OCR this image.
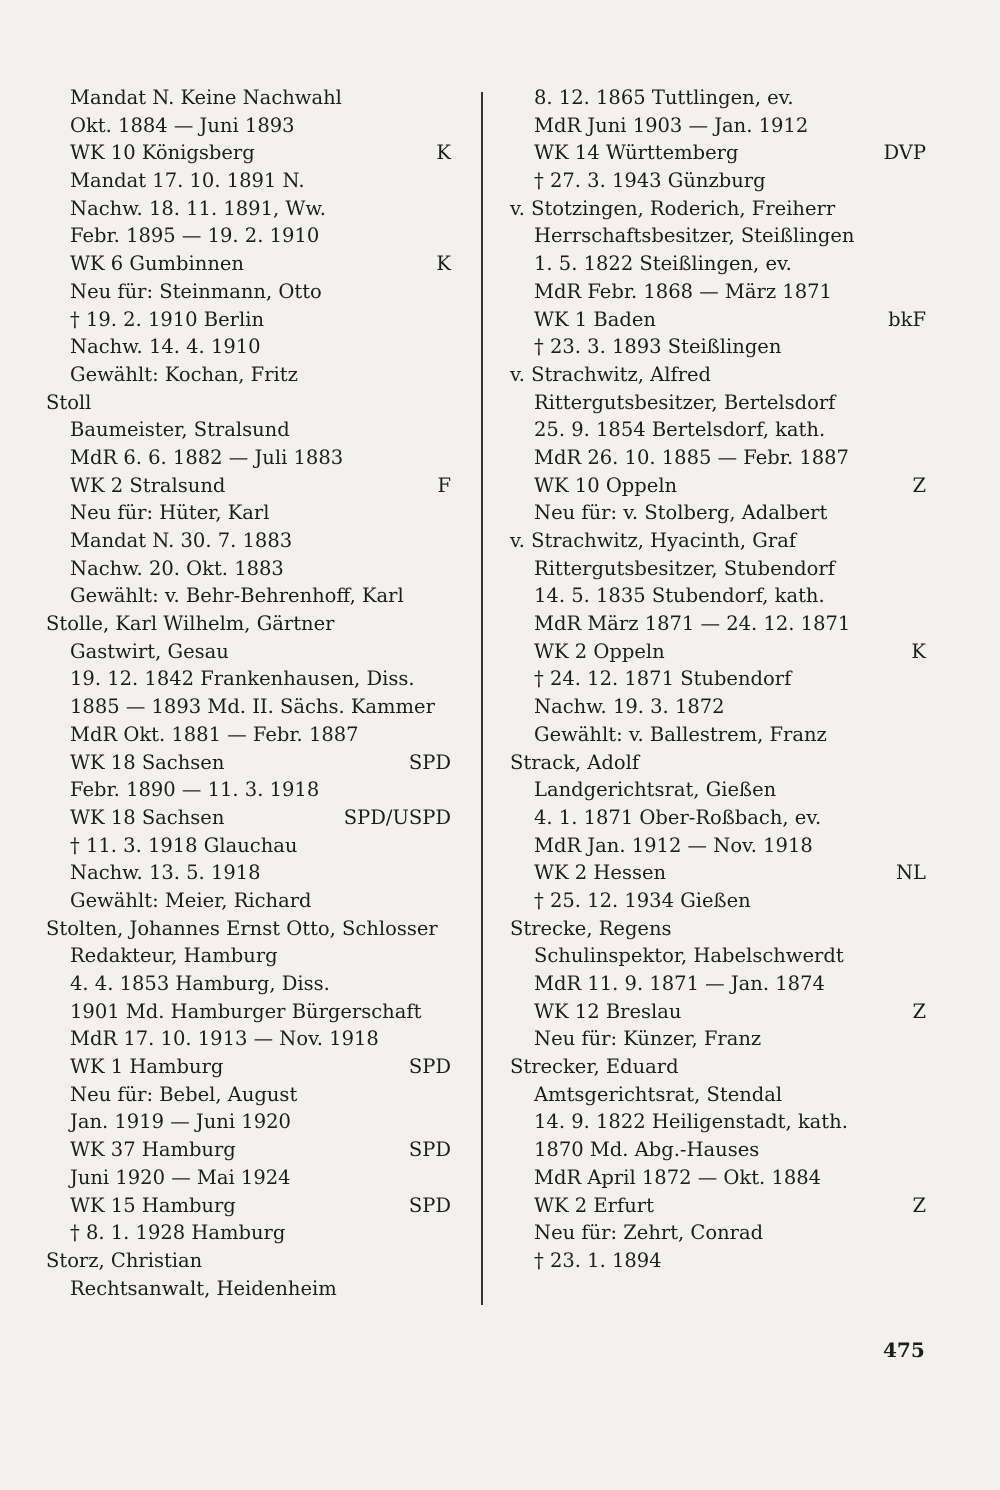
Mandat N. Keine Nachwahl
Okt. 1884 — Juni 1893
WK 10 Königsberg	K
Mandat 17. 10. 1891 N.
Nachw. 18. 11. 1891, Ww.
Febr. 1895 — 19. 2. 1910
WK 6 Gumbinnen	K
Neu für: Steinmann, Otto
† 19. 2. 1910 Berlin
Nachw. 14. 4. 1910
Gewählt: Kochan, Fritz
Stoll
Baumeister, Stralsund
MdR 6. 6. 1882 — Juli 1883
WK 2 Stralsund	F
Neu für: Hüter, Karl
Mandat N. 30. 7. 1883
Nachw. 20. Okt. 1883
Gewählt: v. Behr-Behrenhoff, Karl
Stolle, Karl Wilhelm, Gärtner
Gastwirt, Gesau
19. 12. 1842 Frankenhausen, Diss.
1885 — 1893 Md. II. Sächs. Kammer
MdR Okt. 1881 — Febr. 1887
WK 18 Sachsen	SPD
Febr. 1890 — 11. 3. 1918
WK 18 Sachsen	SPD/USPD
† 11. 3. 1918 Glauchau
Nachw. 13. 5. 1918
Gewählt: Meier, Richard
Stolten, Johannes Ernst Otto, Schlosser
Redakteur, Hamburg
4. 4. 1853 Hamburg, Diss.
1901 Md. Hamburger Bürgerschaft
MdR 17. 10. 1913 — Nov. 1918
WK 1 Hamburg	SPD
Neu für: Bebel, August
Jan. 1919 — Juni 1920
WK 37 Hamburg	SPD
Juni 1920 — Mai 1924
WK 15 Hamburg	SPD
† 8. 1. 1928 Hamburg
Storz, Christian
Rechtsanwalt, Heidenheim
8. 12. 1865 Tuttlingen, ev.
MdR Juni 1903 — Jan. 1912
WK 14 Württemberg	DVP
† 27. 3. 1943 Günzburg
v. Stotzingen, Roderich, Freiherr
Herrschaftsbesitzer, Steißlingen
1. 5. 1822 Steißlingen, ev.
MdR Febr. 1868 — März 1871
WK 1 Baden	bkF
† 23. 3. 1893 Steißlingen
v. Strachwitz, Alfred
Rittergutsbesitzer, Bertelsdorf
25. 9. 1854 Bertelsdorf, kath.
MdR 26. 10. 1885 — Febr. 1887
WK 10 Oppeln	Z
Neu für: v. Stolberg, Adalbert
v. Strachwitz, Hyacinth, Graf
Rittergutsbesitzer, Stubendorf
14. 5. 1835 Stubendorf, kath.
MdR März 1871 — 24. 12. 1871
WK 2 Oppeln	K
† 24. 12. 1871 Stubendorf
Nachw. 19. 3. 1872
Gewählt: v. Ballestrem, Franz
Strack, Adolf
Landgerichtsrat, Gießen
4. 1. 1871 Ober-Roßbach, ev.
MdR Jan. 1912 — Nov. 1918
WK 2 Hessen	NL
† 25. 12. 1934 Gießen
Strecke, Regens
Schulinspektor, Habelschwerdt
MdR 11. 9. 1871 — Jan. 1874
WK 12 Breslau	Z
Neu für: Künzer, Franz
Strecker, Eduard
Amtsgerichtsrat, Stendal
14. 9. 1822 Heiligenstadt, kath.
1870 Md. Abg.-Hauses
MdR April 1872 — Okt. 1884
WK 2 Erfurt	Z
Neu für: Zehrt, Conrad
† 23. 1. 1894
475
